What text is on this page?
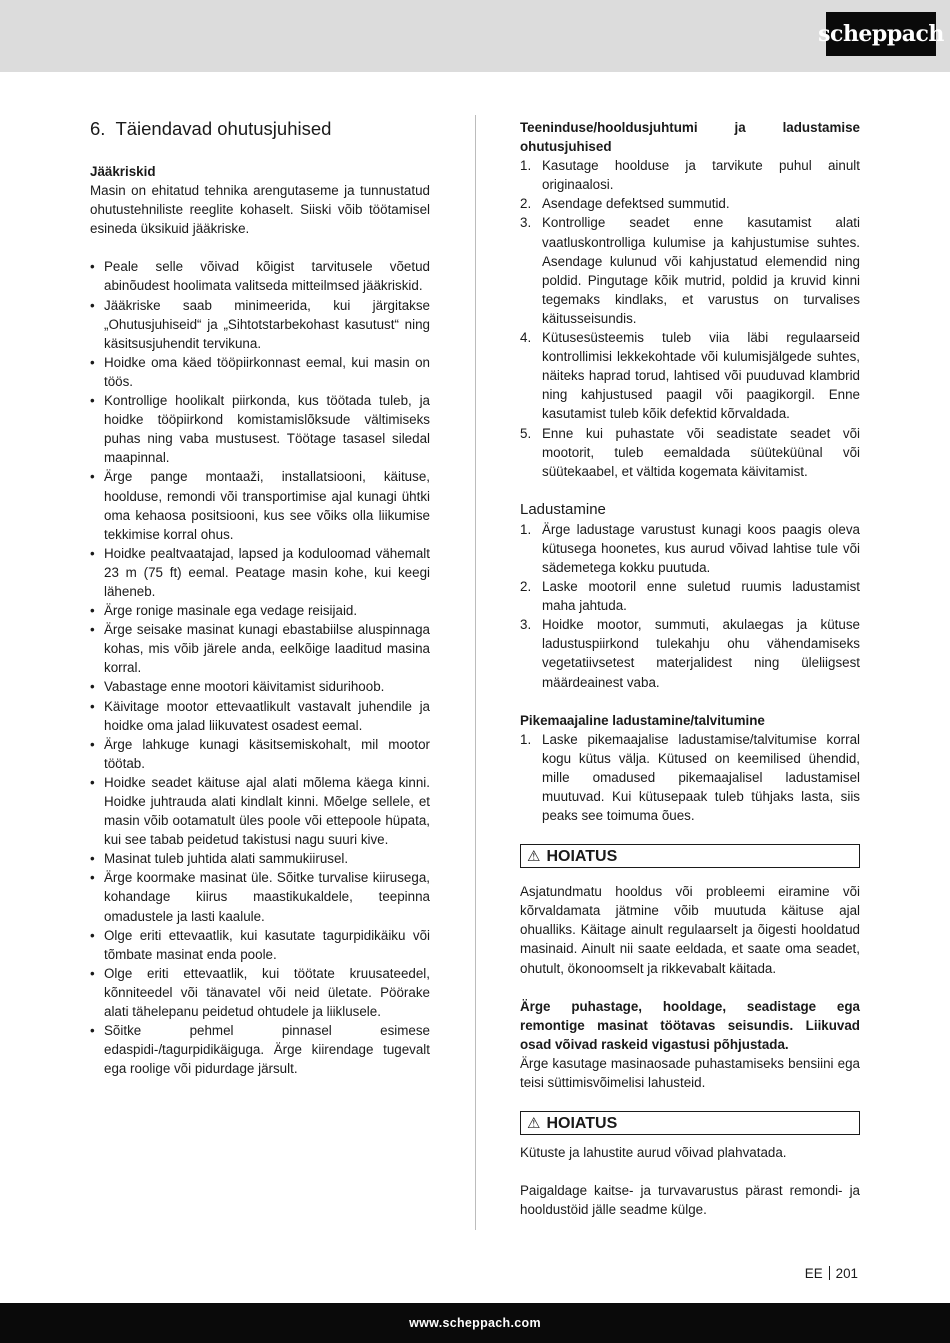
scheppach
6. Täiendavad ohutusjuhised

Jääkriskid

Masin on ehitatud tehnika arengutaseme ja tunnustatud ohutustehniliste reeglite kohaselt. Siiski võib töötamisel esineda üksikuid jääkriske.

• Peale selle võivad kõigist tarvitusele võetud abinõudest hoolimata valitseda mitteilmsed jääkriskid.
• Jääkriske saab minimeerida, kui järgitakse „Ohutusjuhiseid“ ja „Sihtotstarbekohast kasutust“ ning käsitsusjuhendit tervikuna.
• Hoidke oma käed tööpiirkonnast eemal, kui masin on töös.
• Kontrollige hoolikalt piirkonda, kus töötada tuleb, ja hoidke tööpiirkond komistamislõksude vältimiseks puhas ning vaba mustusest. Töötage tasasel siledal maapinnal.
• Ärge pange montaaži, installatsiooni, käituse, hoolduse, remondi või transportimise ajal kunagi ühtki oma kehaosa positsiooni, kus see võiks olla liikumise tekkimise korral ohus.
• Hoidke pealtvaatajad, lapsed ja koduloomad vähemalt 23 m (75 ft) eemal. Peatage masin kohe, kui keegi läheneb.
• Ärge ronige masinale ega vedage reisijaid.
• Ärge seisake masinat kunagi ebastabiilse aluspinnaga kohas, mis võib järele anda, eelkõige laaditud masina korral.
• Vabastage enne mootori käivitamist sidurihoob.
• Käivitage mootor ettevaatlikult vastavalt juhendile ja hoidke oma jalad liikuvatest osadest eemal.
• Ärge lahkuge kunagi käsitsemiskohalt, mil mootor töötab.
• Hoidke seadet käituse ajal alati mõlema käega kinni. Hoidke juhtrauda alati kindlalt kinni. Mõelge sellele, et masin võib ootamatult üles poole või ettepoole hüpata, kui see tabab peidetud takistusi nagu suuri kive.
• Masinat tuleb juhtida alati sammukiirusel.
• Ärge koormake masinat üle. Sõitke turvalise kiirusega, kohandage kiirus maastikukaldele, teepinna omadustele ja lasti kaalule.
• Olge eriti ettevaatlik, kui kasutate tagurpidikäiku või tõmbate masinat enda poole.
• Olge eriti ettevaatlik, kui töötate kruusateedel, kõnniteedel või tänavatel või neid ületate. Pöörake alati tähelepanu peidetud ohtudele ja liiklusele.
• Sõitke pehmel pinnasel esimese edaspidi-/tagurpidikäiguga. Ärge kiirendage tugevalt ega roolige või pidurdage järsult.

Teeninduse/hooldusjuhtumi ja ladustamise ohutusjuhised

1. Kasutage hoolduse ja tarvikute puhul ainult originaalosi.
2. Asendage defektsed summutid.
3. Kontrollige seadet enne kasutamist alati vaatluskontrolliga kulumise ja kahjustumise suhtes. Asendage kulunud või kahjustatud elemendid ning poldid. Pingutage kõik mutrid, poldid ja kruvid kinni tegemaks kindlaks, et varustus on turvalises käitusseisundis.
4. Kütusesüsteemis tuleb viia läbi regulaarseid kontrollimisi lekkekohtade või kulumisjälgede suhtes, näiteks haprad torud, lahtised või puuduvad klambrid ning kahjustused paagil või paagikorgil. Enne kasutamist tuleb kõik defektid kõrvaldada.
5. Enne kui puhastate või seadistate seadet või mootorit, tuleb eemaldada süüteküünal või süütekaabel, et vältida kogemata käivitamist.
Ladustamine
1. Ärge ladustage varustust kunagi koos paagis oleva kütusega hoonetes, kus aurud võivad lahtise tule või sädemetega kokku puutuda.
2. Laske mootoril enne suletud ruumis ladustamist maha jahtuda.
3. Hoidke mootor, summuti, akulaegas ja kütuse ladustuspiirkond tulekahju ohu vähendamiseks vegetatiivsetest materjalidest ning üleliigsest määrdeainest vaba.

Pikemaajaline ladustamine/talvitumine

1. Laske pikemaajalise ladustamise/talvitumise korral kogu kütus välja. Kütused on keemilised ühendid, mille omadused pikemaajalisel ladustamisel muutuvad. Kui kütusepaak tuleb tühjaks lasta, siis peaks see toimuma õues.
⚠ HOIATUS

Asjatundmatu hooldus või probleemi eiramine või kõrvaldamata jätmine võib muutuda käituse ajal ohualliks. Käitage ainult regulaarselt ja õigesti hooldatud masinaid. Ainult nii saate eeldada, et saate oma seadet, ohutult, ökonoomselt ja rikkevabalt käitada.

Ärge puhastage, hooldage, seadistage ega remontige masinat töötavas seisundis. Liikuvad osad võivad raskeid vigastusi põhjustada.

Ärge kasutage masinaosade puhastamiseks bensiini ega teisi süttimisvõimelisi lahusteid.

⚠ HOIATUS

Kütuste ja lahustite aurud võivad plahvatada.

Paigaldage kaitse- ja turvavarustus pärast remondi- ja hooldustöid jälle seadme külge.

EE 201
www.scheppach.com
